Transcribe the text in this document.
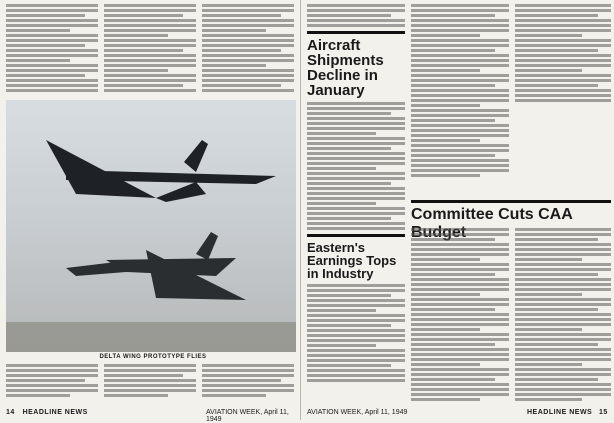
DELTA WING PROTOTYPE FLIES
14 HEADLINE NEWS	AVIATION WEEK, April 11, 1949
Aircraft Shipments Decline in January
Eastern's Earnings Tops in Industry
Committee Cuts CAA
AVIATION WEEK, April 11, 1949	HEADLINE NEWS 15
